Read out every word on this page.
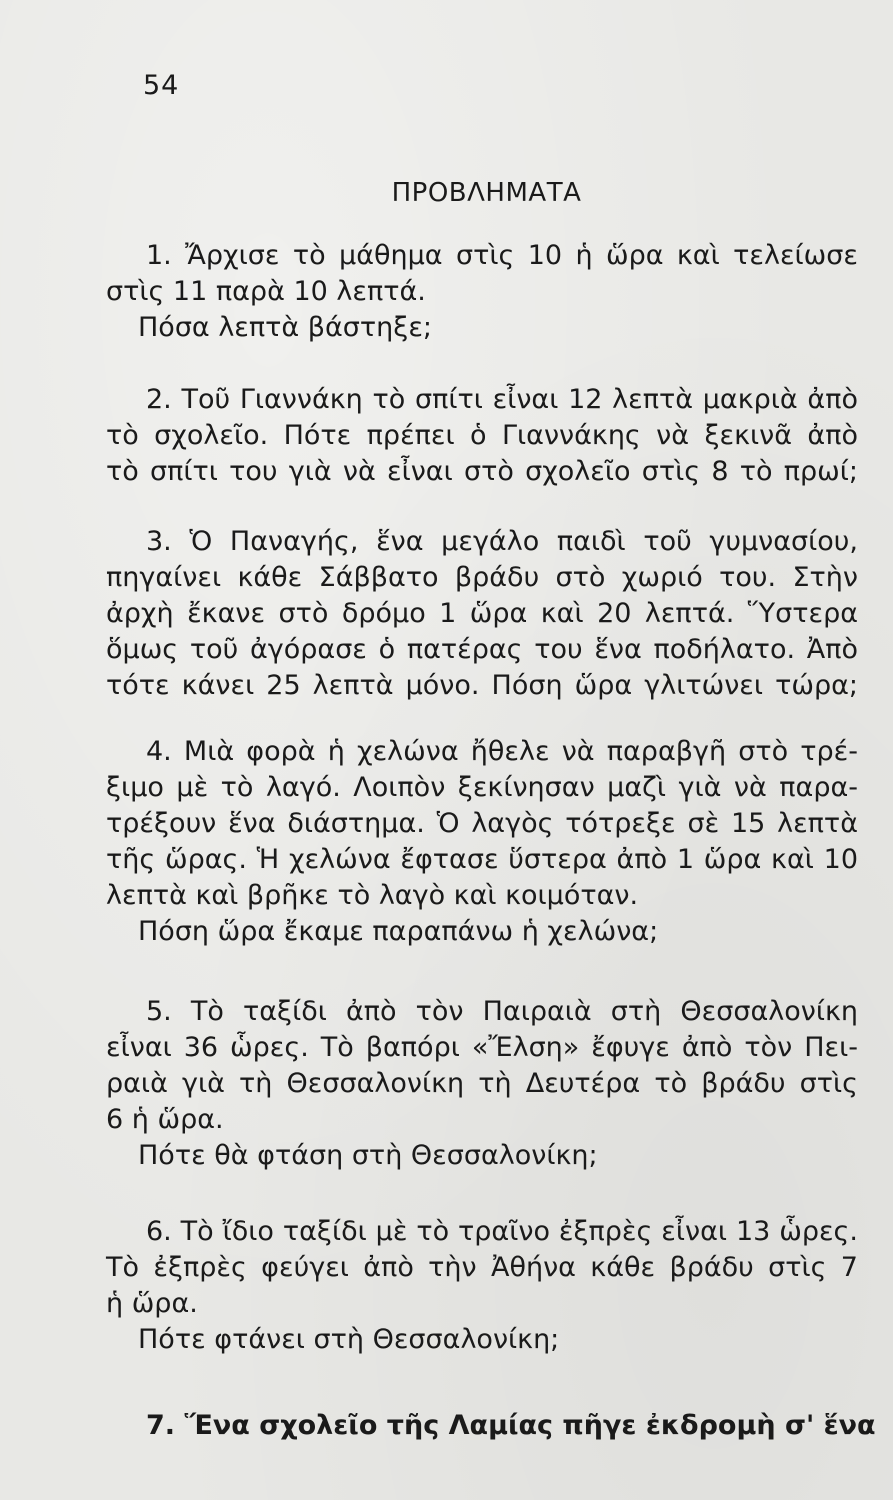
54
ΠΡΟΒΛΗΜΑΤΑ
1. Ἄρχισε τὸ μάθημα στὶς 10 ἡ ὥρα καὶ τελείωσε
στὶς 11 παρὰ 10 λεπτά.
Πόσα λεπτὰ βάστηξε;
2. Τοῦ Γιαννάκη τὸ σπίτι εἶναι 12 λεπτὰ μακριὰ ἀπὸ
τὸ σχολεῖο. Πότε πρέπει ὁ Γιαννάκης νὰ ξεκινᾶ ἀπὸ
τὸ σπίτι του γιὰ νὰ εἶναι στὸ σχολεῖο στὶς 8 τὸ πρωί;
3. Ὁ Παναγής, ἕνα μεγάλο παιδὶ τοῦ γυμνασίου,
πηγαίνει κάθε Σάββατο βράδυ στὸ χωριό του. Στὴν
ἀρχὴ ἔκανε στὸ δρόμο 1 ὥρα καὶ 20 λεπτά. Ὕστερα
ὅμως τοῦ ἀγόρασε ὁ πατέρας του ἕνα ποδήλατο. Ἀπὸ
τότε κάνει 25 λεπτὰ μόνο. Πόση ὥρα γλιτώνει τώρα;
4. Μιὰ φορὰ ἡ χελώνα ἤθελε νὰ παραβγῆ στὸ τρέ-
ξιμο μὲ τὸ λαγό. Λοιπὸν ξεκίνησαν μαζὶ γιὰ νὰ παρα-
τρέξουν ἕνα διάστημα. Ὁ λαγὸς τότρεξε σὲ 15 λεπτὰ
τῆς ὥρας. Ἡ χελώνα ἔφτασε ὕστερα ἀπὸ 1 ὥρα καὶ 10
λεπτὰ καὶ βρῆκε τὸ λαγὸ καὶ κοιμόταν.
Πόση ὥρα ἔκαμε παραπάνω ἡ χελώνα;
5. Τὸ ταξίδι ἀπὸ τὸν Παιραιὰ στὴ Θεσσαλονίκη
εἶναι 36 ὧρες. Τὸ βαπόρι «Ἔλση» ἔφυγε ἀπὸ τὸν Πει-
ραιὰ γιὰ τὴ Θεσσαλονίκη τὴ Δευτέρα τὸ βράδυ στὶς
6 ἡ ὥρα.
Πότε θὰ φτάση στὴ Θεσσαλονίκη;
6. Τὸ ἴδιο ταξίδι μὲ τὸ τραῖνο ἐξπρὲς εἶναι 13 ὧρες.
Τὸ ἐξπρὲς φεύγει ἀπὸ τὴν Ἀθήνα κάθε βράδυ στὶς 7
ἡ ὥρα.
Πότε φτάνει στὴ Θεσσαλονίκη;
7. Ἕνα σχολεῖο τῆς Λαμίας πῆγε ἐκδρομὴ σ' ἕνα
